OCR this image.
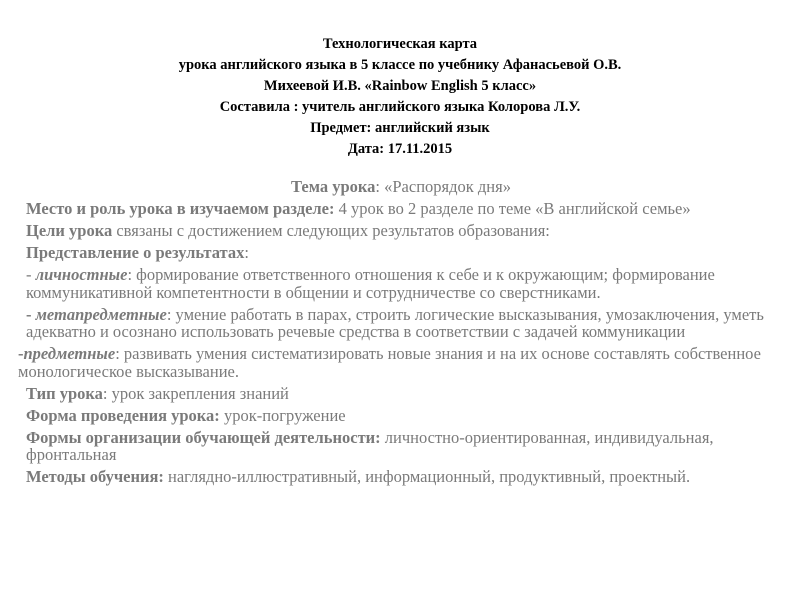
Технологическая карта
урока английского языка в 5 классе по учебнику Афанасьевой О.В.
Михеевой И.В. «Rainbow English 5 класс»
Составила : учитель английского языка Колорова Л.У.
Предмет: английский язык
Дата: 17.11.2015
Тема урока: «Распорядок дня»
Место и роль урока в изучаемом разделе: 4 урок во 2 разделе по теме «В английской семье»
Цели урока связаны с достижением следующих результатов образования:
Представление о результатах:
- личностные: формирование ответственного отношения к себе и к окружающим; формирование коммуникативной компетентности в общении и сотрудничестве со сверстниками.
- метапредметные: умение работать в парах, строить логические высказывания, умозаключения, уметь адекватно и осознано использовать речевые средства в соответствии с задачей коммуникации
-предметные: развивать умения систематизировать новые знания и на их основе составлять собственное монологическое высказывание.
Тип урока: урок закрепления знаний
Форма проведения урока: урок-погружение
Формы организации обучающей деятельности: личностно-ориентированная, индивидуальная, фронтальная
Методы обучения: наглядно-иллюстративный, информационный, продуктивный, проектный.
